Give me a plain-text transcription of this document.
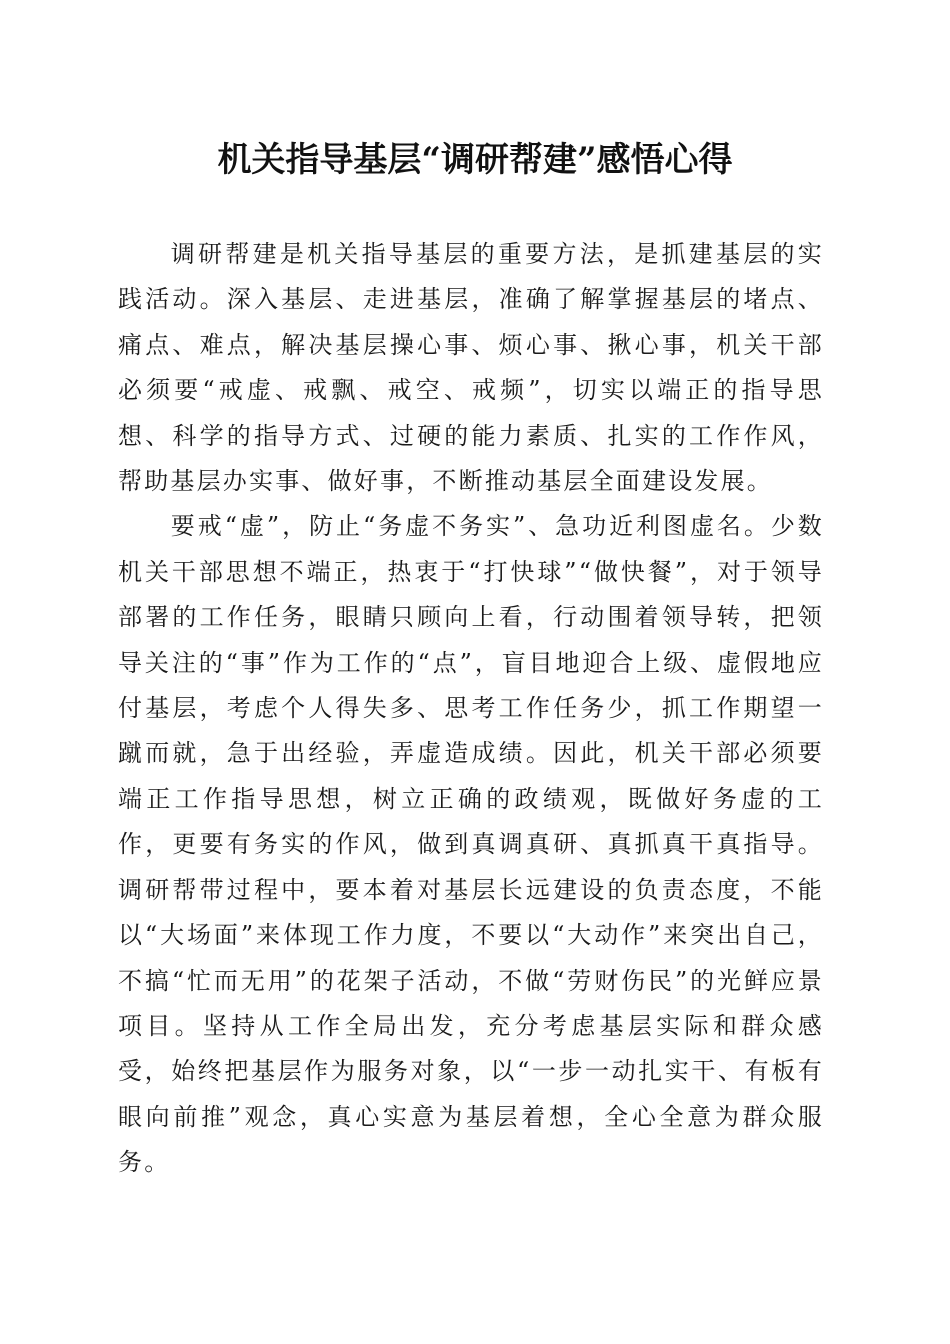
机关指导基层“调研帮建”感悟心得

调研帮建是机关指导基层的重要方法，是抓建基层的实践活动。深入基层、走进基层，准确了解掌握基层的堵点、痛点、难点，解决基层操心事、烦心事、揪心事，机关干部必须要“戒虚、戒飘、戒空、戒频”，切实以端正的指导思想、科学的指导方式、过硬的能力素质、扎实的工作作风，帮助基层办实事、做好事，不断推动基层全面建设发展。

要戒“虚”，防止“务虚不务实”、急功近利图虚名。少数机关干部思想不端正，热衷于“打快球”“做快餐”，对于领导部署的工作任务，眼睛只顾向上看，行动围着领导转，把领导关注的“事”作为工作的“点”，盲目地迎合上级、虚假地应付基层，考虑个人得失多、思考工作任务少，抓工作期望一蹴而就，急于出经验，弄虚造成绩。因此，机关干部必须要端正工作指导思想，树立正确的政绩观，既做好务虚的工作，更要有务实的作风，做到真调真研、真抓真干真指导。调研帮带过程中，要本着对基层长远建设的负责态度，不能以“大场面”来体现工作力度，不要以“大动作”来突出自己，不搞“忙而无用”的花架子活动，不做“劳财伤民”的光鲜应景项目。坚持从工作全局出发，充分考虑基层实际和群众感受，始终把基层作为服务对象，以“一步一动扎实干、有板有眼向前推”观念，真心实意为基层着想，全心全意为群众服务。
